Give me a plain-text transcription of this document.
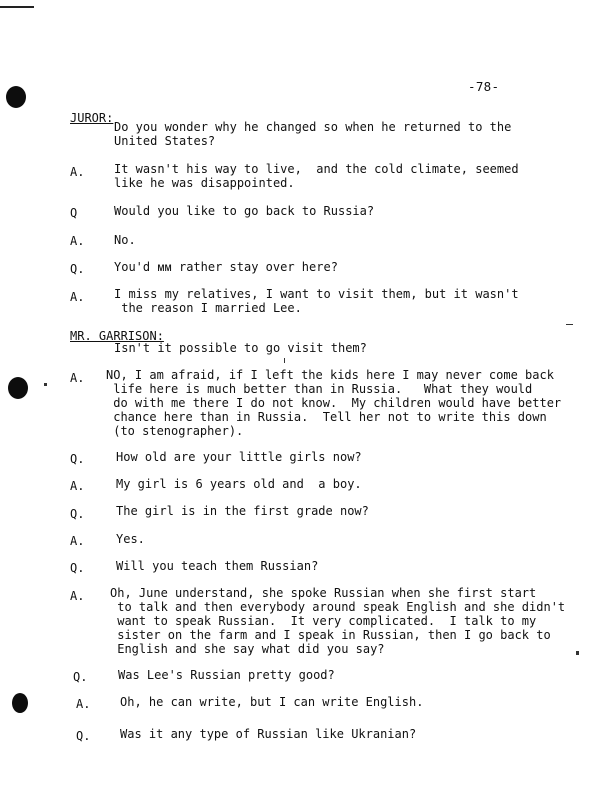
-78-
JUROR:
Do you wonder why he changed so when he returned to the
United States?
A. It wasn't his way to live,  and the cold climate, seemed
like he was disappointed.
Q	Would you like to go back to Russia?
A. No.
Q. You'd ᴍᴍ rather stay over here?
A. I miss my relatives, I want to visit them, but it wasn't
the reason I married Lee.
MR. GARRISON:
Isn't it possible to go visit them?
A. NO, I am afraid, if I left the kids here I may never come back
life here is much better than in Russia.   What they would
do with me there I do not know.  My children would have better
chance here than in Russia.  Tell her not to write this down
(to stenographer).
Q.	How old are your little girls now?
A.	My girl is 6 years old and  a boy.
Q.	The girl is in the first grade now?
A.	Yes.
Q.	Will you teach them Russian?
A. Oh, June understand, she spoke Russian when she first start
to talk and then everybody around speak English and she didn't
want to speak Russian.  It very complicated.  I talk to my
sister on the farm and I speak in Russian, then I go back to
English and she say what did you say?
Q.	Was Lee's Russian pretty good?
A. Oh, he can write, but I can write English.
Q. Was it any type of Russian like Ukranian?
